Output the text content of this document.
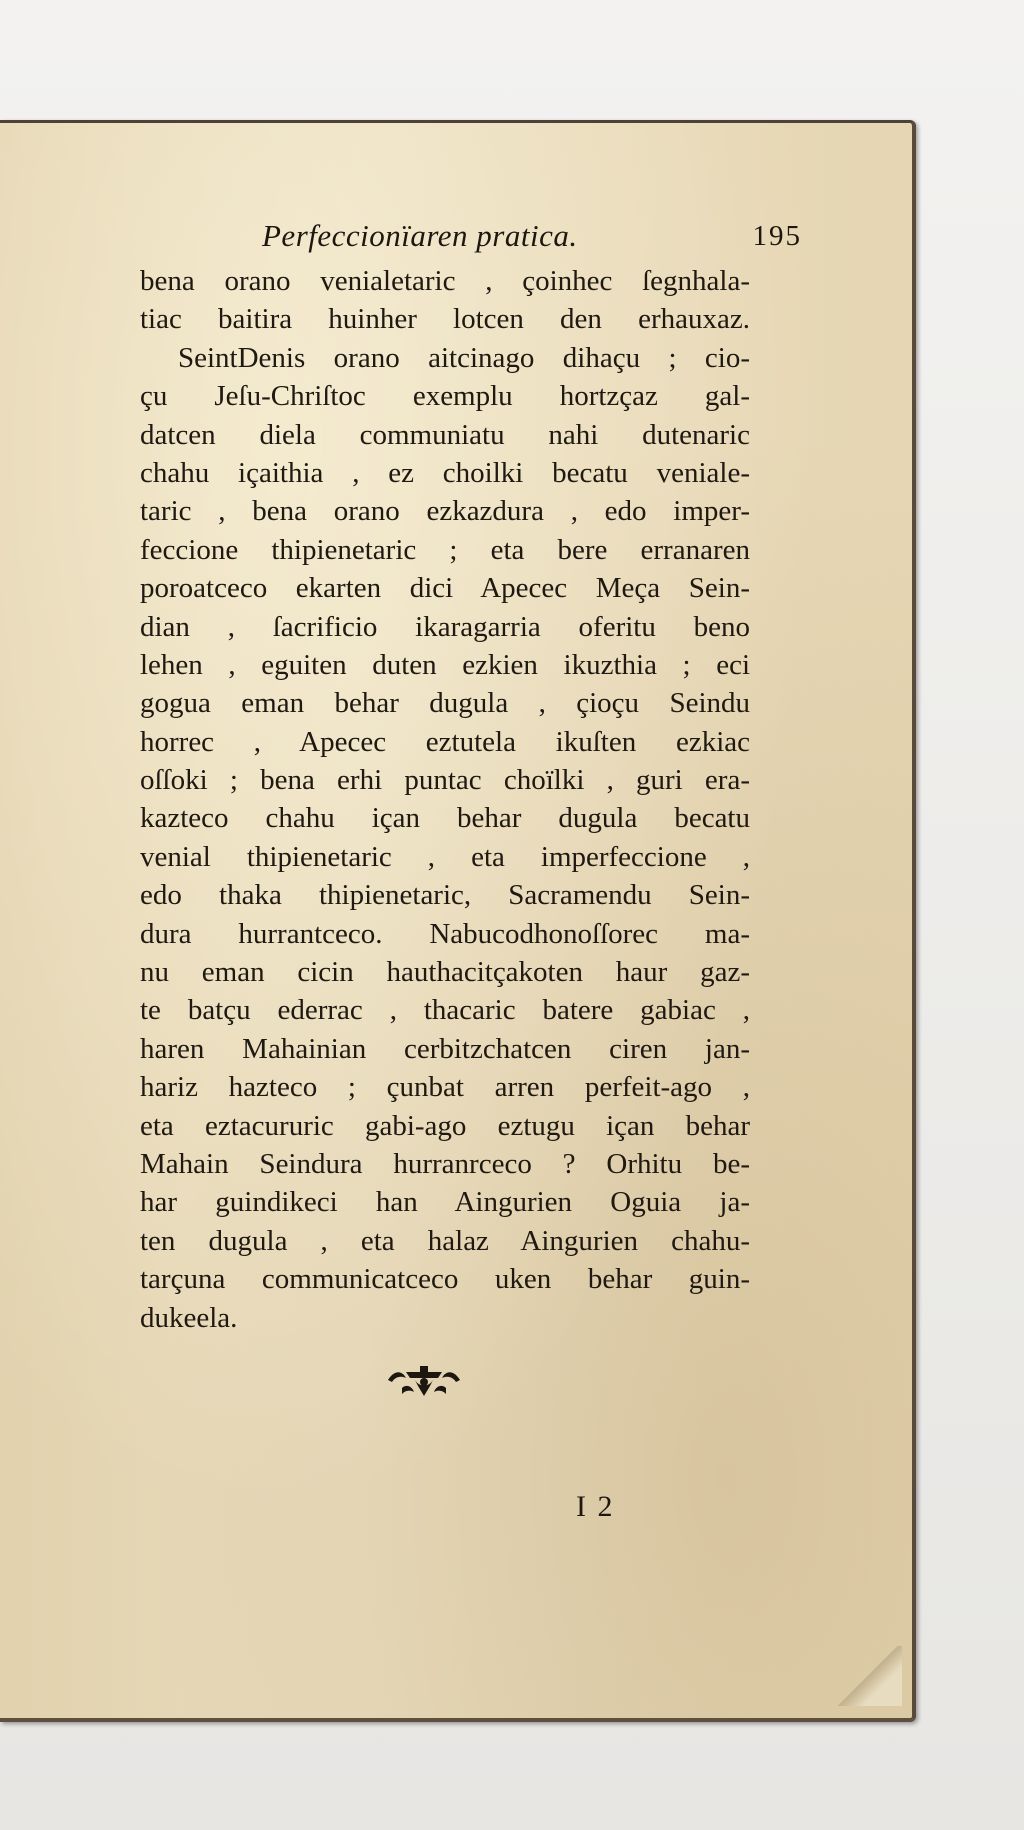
Perfeccionïaren pratica.	195
bena orano venialetaric , çoinhec ſegnhala-
tiac baitira huinher lotcen den erhauxaz.
SeintDenis orano aitcinago dihaçu ; cio-
çu Jeſu-Chriſtoc exemplu hortzçaz gal-
datcen diela communiatu nahi dutenaric
chahu içaithia , ez choilki becatu veniale-
taric , bena orano ezkazdura , edo imper-
feccione thipienetaric ; eta bere erranaren
poroatceco ekarten dici Apecec Meça Sein-
dian , ſacrificio ikaragarria oferitu beno
lehen , eguiten duten ezkien ikuzthia ; eci
gogua eman behar dugula , çioçu Seindu
horrec , Apecec eztutela ikuſten ezkiac
oſſoki ; bena erhi puntac choïlki , guri era-
kazteco chahu içan behar dugula becatu
venial thipienetaric , eta imperfeccione ,
edo thaka thipienetaric, Sacramendu Sein-
dura hurrantceco. Nabucodhonoſſorec ma-
nu eman cicin hauthacitçakoten haur gaz-
te batçu ederrac , thacaric batere gabiac ,
haren Mahainian cerbitzchatcen ciren jan-
hariz hazteco ; çunbat arren perfeit-ago ,
eta eztacururic gabi-ago eztugu içan behar
Mahain Seindura hurranrceco ? Orhitu be-
har guindikeci han Aingurien Oguia ja-
ten dugula , eta halaz Aingurien chahu-
tarçuna communicatceco uken behar guin-
dukeela.
I 2
